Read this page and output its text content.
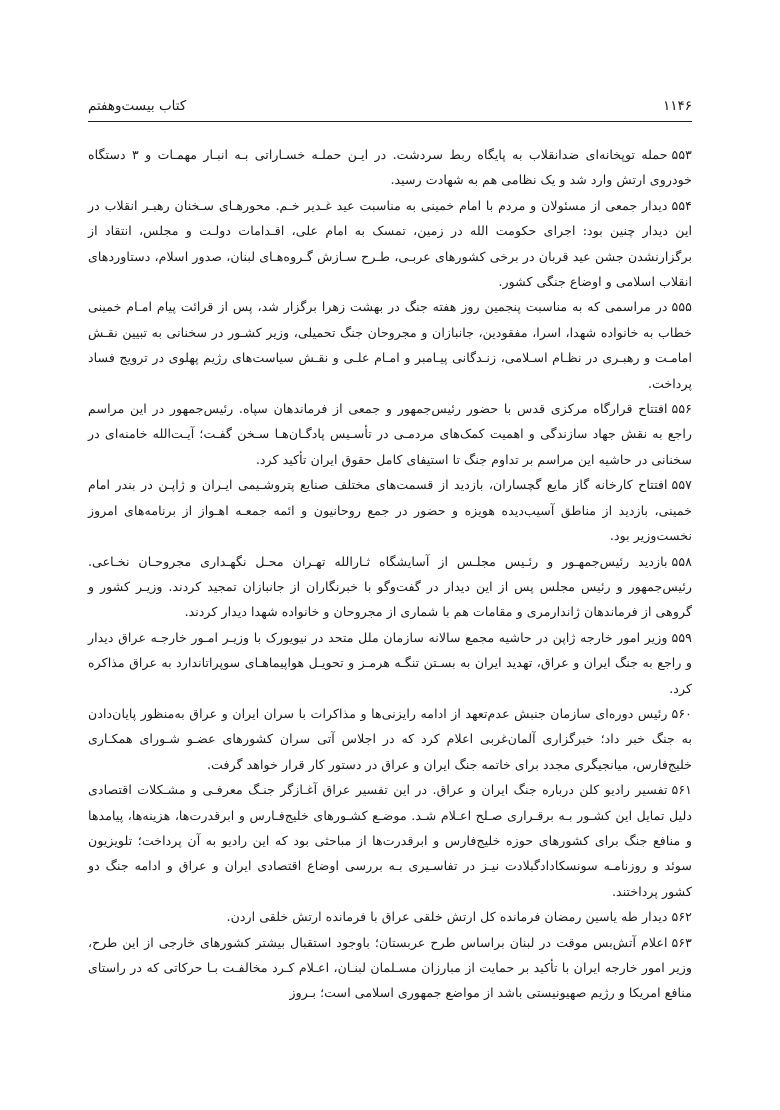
۱۱۴۶
کتاب بیست‌وهفتم

۵۵۳حمله توپخانه‌ای ضدانقلاب به پایگاه ربط سردشت. در ایـن حملـه خسـاراتی بـه انبـار مهمـات و ۳ دستگاه خودروی ارتش وارد شد و یک نظامی هم به شهادت رسید.

۵۵۴دیدار جمعی از مسئولان و مردم با امام خمینی به مناسبت عید غـدیر خـم. محورهـای سـخنان رهبـر انقلاب در این دیدار چنین بود: اجرای حکومت الله در زمین، تمسک به امام علی، اقـدامات دولـت و مجلس، انتقاد از برگزارنشدن جشن عید قربان در برخی کشورهای عربـی، طـرح سـازش گـروه‌هـای لبنان، صدور اسلام، دستاوردهای انقلاب اسلامی و اوضاع جنگی کشور.

۵۵۵در مراسمی که به مناسبت پنجمین روز هفته جنگ در بهشت زهرا برگزار شد، پس از قرائت پیام امـام خمینی خطاب به خانواده شهدا، اسرا، مفقودین، جانبازان و مجروحان جنگ تحمیلی، وزیر کشـور در سخنانی به تبیین نقـش امامـت و رهبـری در نظـام اسـلامی، زنـدگانی پیـامبر و امـام علـی و نقـش سیاست‌های رژیم پهلوی در ترویج فساد پرداخت.

۵۵۶افتتاح قرارگاه مرکزی قدس با حضور رئیس‌جمهور و جمعی از فرماندهان سپاه. رئیس‌جمهور در این مراسم راجع به نقش جهاد سازندگی و اهمیت کمک‌های مردمـی در تأسـیس پادگـان‌هـا سـخن گفـت؛ آیـت‌الله خامنه‌ای در سخنانی در حاشیه این مراسم بر تداوم جنگ تا استیفای کامل حقوق ایران تأکید کرد.

۵۵۷افتتاح کارخانه گاز مایع گچساران، بازدید از قسمت‌های مختلف صنایع پتروشـیمی ایـران و ژاپـن در بندر امام خمینی، بازدید از مناطق آسیب‌دیده هویزه و حضور در جمع روحانیون و ائمه جمعـه اهـواز از برنامه‌های امروز نخست‌وزیر بود.

۵۵۸بازدید رئیس‌جمهـور و رئـیس مجلـس از آسایشگاه ثـارالله تهـران محـل نگهـداری مجروحـان نخـاعی. رئیس‌جمهور و رئیس مجلس پس از این دیدار در گفت‌وگو با خبرنگاران از جانبازان تمجید کردند. وزیـر کشور و گروهی از فرماندهان ژاندارمری و مقامات هم با شماری از مجروحان و خانواده شهدا دیدار کردند.

۵۵۹وزیر امور خارجه ژاپن در حاشیه مجمع سالانه سازمان ملل متحد در نیویورک با وزیـر امـور خارجـه عراق دیدار و راجع به جنگ ایران و عراق، تهدید ایران به بسـتن تنگـه هرمـز و تحویـل هواپیماهـای سوپراتاندارد به عراق مذاکره کرد.

۵۶۰رئیس دوره‌ای سازمان جنبش عدم‌تعهد از ادامه رایزنی‌ها و مذاکرات با سران ایران و عراق به‌منظور پایان‌دادن به جنگ خبر داد؛ خبرگزاری آلمان‌غربی اعلام کرد که در اجلاس آتی سران کشورهای عضـو شـورای همکـاری خلیج‌فارس، میانجیگری مجدد برای خاتمه جنگ ایران و عراق در دستور کار قرار خواهد گرفت.

۵۶۱تفسیر رادیو کلن درباره جنگ ایران و عراق. در این تفسیر عراق آغـازگر جنـگ معرفـی و مشـکلات اقتصادی دلیل تمایل این کشـور بـه برقـراری صـلح اعـلام شـد. موضـع کشـورهای خلیج‌فـارس و ابرقدرت‌ها، هزینه‌ها، پیامدها و منافع جنگ برای کشورهای حوزه خلیج‌فارس و ابرقدرت‌ها از مباحثی بود که این رادیو به آن پرداخت؛ تلویزیون سوئد و روزنامـه سونسکادادگبلادت نیـز در تفاسـیری بـه بررسی اوضاع اقتصادی ایران و عراق و ادامه جنگ دو کشور پرداختند.

۵۶۲دیدار طه یاسین رمضان فرمانده کل ارتش خلقی عراق با فرمانده ارتش خلقی اردن.

۵۶۳اعلام آتش‌بس موقت در لبنان براساس طرح عربستان؛ باوجود استقبال بیشتر کشورهای خارجی از این طرح، وزیر امور خارجه ایران با تأکید بر حمایت از مبارزان مسـلمان لبنـان، اعـلام کـرد مخالفـت بـا حرکاتی که در راستای منافع امریکا و رژیم صهیونیستی باشد از مواضع جمهوری اسلامی است؛ بـروز
